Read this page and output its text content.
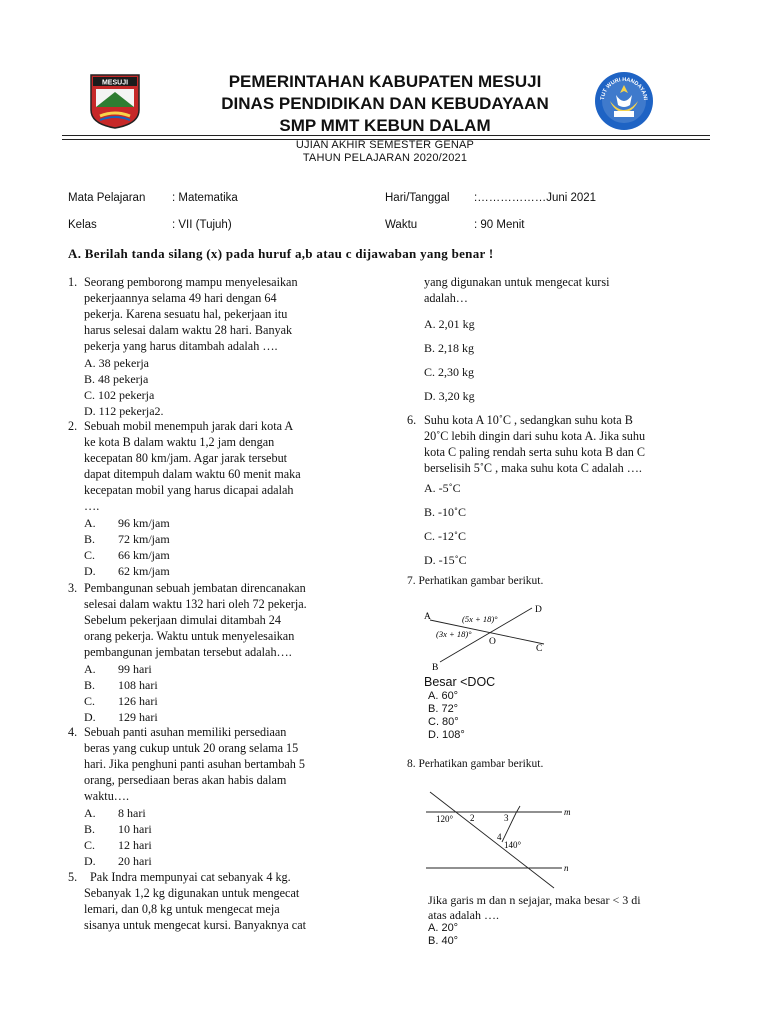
MESUJI	PEMERINTAHAN KABUPATEN MESUJI
DINAS PENDIDIKAN DAN KEBUDAYAAN
SMP MMT KEBUN DALAM
TUT WURI HANDAYANI
UJIAN AKHIR SEMESTER GENAP
TAHUN PELAJARAN 2020/2021
Mata Pelajaran : Matematika	Hari/Tanggal :………………Juni 2021
Kelas	: VII (Tujuh)	Waktu	: 90 Menit
A. Berilah tanda silang (x) pada huruf a,b atau c dijawaban yang benar !
1. Seorang pemborong mampu menyelesaikan
pekerjaannya selama 49 hari dengan 64
pekerja. Karena sesuatu hal, pekerjaan itu
harus selesai dalam waktu 28 hari. Banyak
pekerja yang harus ditambah adalah ….
A. 38 pekerja
B. 48 pekerja
C. 102 pekerja
D. 112 pekerja2.
2. Sebuah mobil menempuh jarak dari kota A
ke kota B dalam waktu 1,2 jam dengan
kecepatan 80 km/jam. Agar jarak tersebut
dapat ditempuh dalam waktu 60 menit maka
kecepatan mobil yang harus dicapai adalah
….
A. 96 km/jam
B. 72 km/jam
C. 66 km/jam
D. 62 km/jam
3. Pembangunan sebuah jembatan direncanakan
selesai dalam waktu 132 hari oleh 72 pekerja.
Sebelum pekerjaan dimulai ditambah 24
orang pekerja. Waktu untuk menyelesaikan
pembangunan jembatan tersebut adalah….
A. 99 hari
B. 108 hari
C. 126 hari
D. 129 hari
4. Sebuah panti asuhan memiliki persediaan
beras yang cukup untuk 20 orang selama 15
hari. Jika penghuni panti asuhan bertambah 5
orang, persediaan beras akan habis dalam
waktu….
A. 8 hari
B. 10 hari
C. 12 hari
D. 20 hari
5. Pak Indra mempunyai cat sebanyak 4 kg.
Sebanyak 1,2 kg digunakan untuk mengecat
lemari, dan 0,8 kg untuk mengecat meja
sisanya untuk mengecat kursi. Banyaknya cat
yang digunakan untuk mengecat kursi
adalah…
A. 2,01 kg
B. 2,18 kg
C. 2,30 kg
D. 3,20 kg
6. Suhu kota A 10˚C , sedangkan suhu kota B
20˚C lebih dingin dari suhu kota A. Jika suhu
kota C paling rendah serta suhu kota B dan C
berselisih 5˚C , maka suhu kota C adalah ….
A. -5˚C
B. -10˚C
C. -12˚C
D. -15˚C
7. Perhatikan gambar berikut.
A
B
D
C
O
(5x + 18)°
(3x + 18)°
Besar <DOC
A. 60°
B. 72°
C. 80°
D. 108°
8. Perhatikan gambar berikut.
120° 2	3
4
140°
m
n
Jika garis m dan n sejajar, maka besar < 3 di
atas adalah ….
A. 20°
B. 40°
